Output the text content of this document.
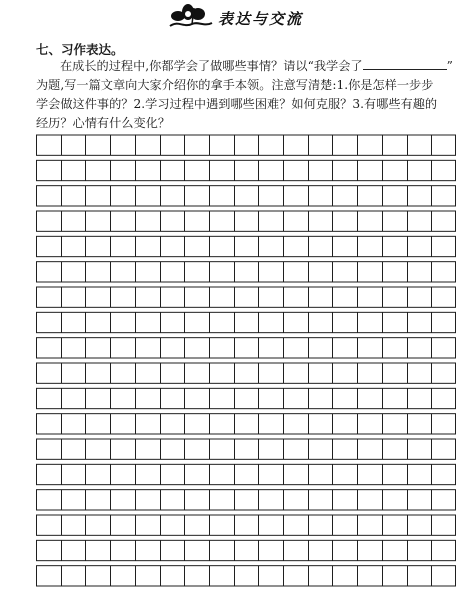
表达与交流
七、习作表达。
在成长的过程中,你都学会了做哪些事情？请以“我学会了	”
为题,写一篇文章向大家介绍你的拿手本领。注意写清楚:1.你是怎样一步步
学会做这件事的？2.学习过程中遇到哪些困难？如何克服？3.有哪些有趣的
经历？心情有什么变化？
